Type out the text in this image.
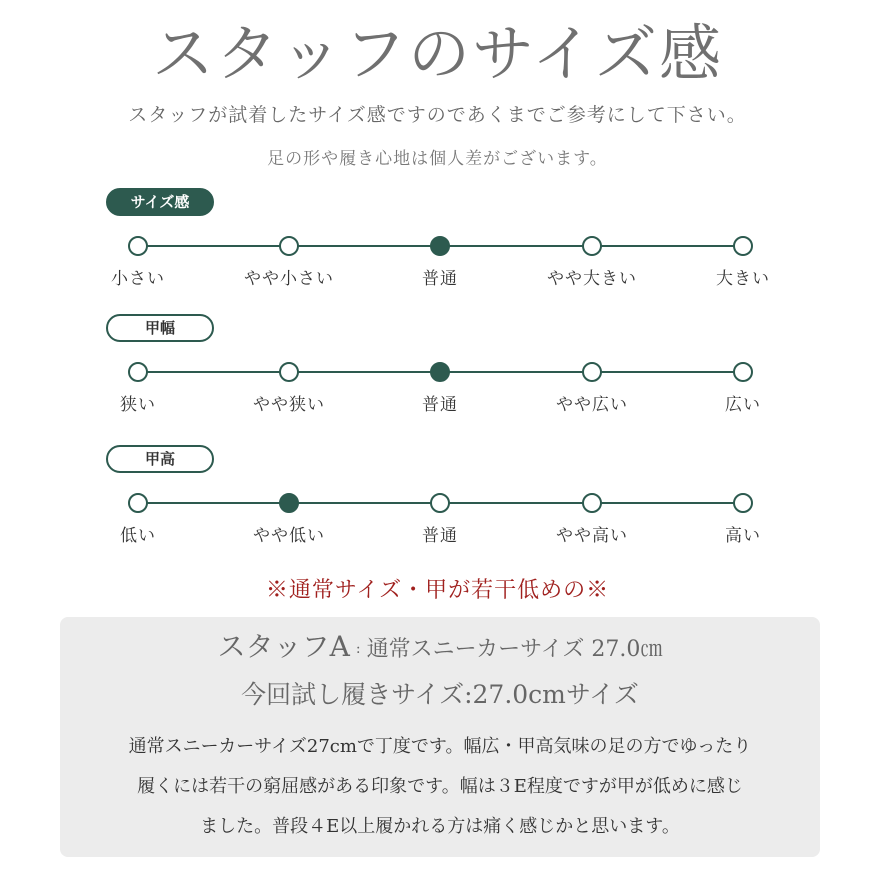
スタッフのサイズ感
スタッフが試着したサイズ感ですのであくまでご参考にして下さい。
足の形や履き心地は個人差がございます。
サイズ感
小さい	やや小さい	普通	やや大きい	大きい
甲幅
狭い	やや狭い	普通	やや広い	広い
甲高
低い	やや低い	普通	やや高い	高い
※通常サイズ・甲が若干低めの※
スタッフA : 通常スニーカーサイズ 27.0㎝
今回試し履きサイズ:27.0cmサイズ
通常スニーカーサイズ27cmで丁度です。幅広・甲高気味の足の方でゆったり
履くには若干の窮屈感がある印象です。幅は３E程度ですが甲が低めに感じ
ました。普段４E以上履かれる方は痛く感じかと思います。
